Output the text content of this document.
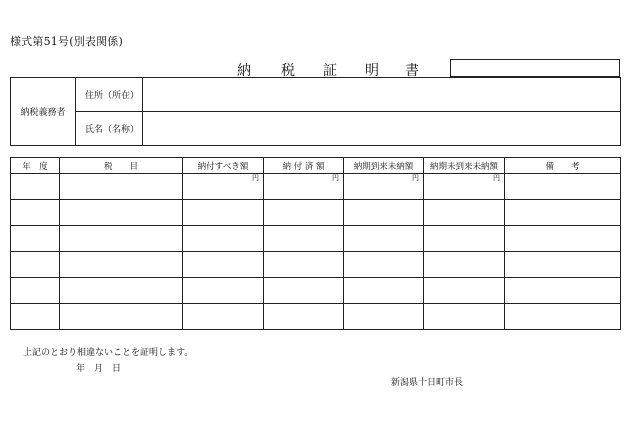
様式第51号(別表関係)
納 税 証 明 書
納税義務者	住所（所在）	
	氏名（名称）	
年　度	税　　目	納付すべき額	納 付 済 額	納期到来未納額	納期未到来未納額	備　　考
		円	円	円	円	

上記のとおり相違ないことを証明します。
年　月　日
新潟県十日町市長
